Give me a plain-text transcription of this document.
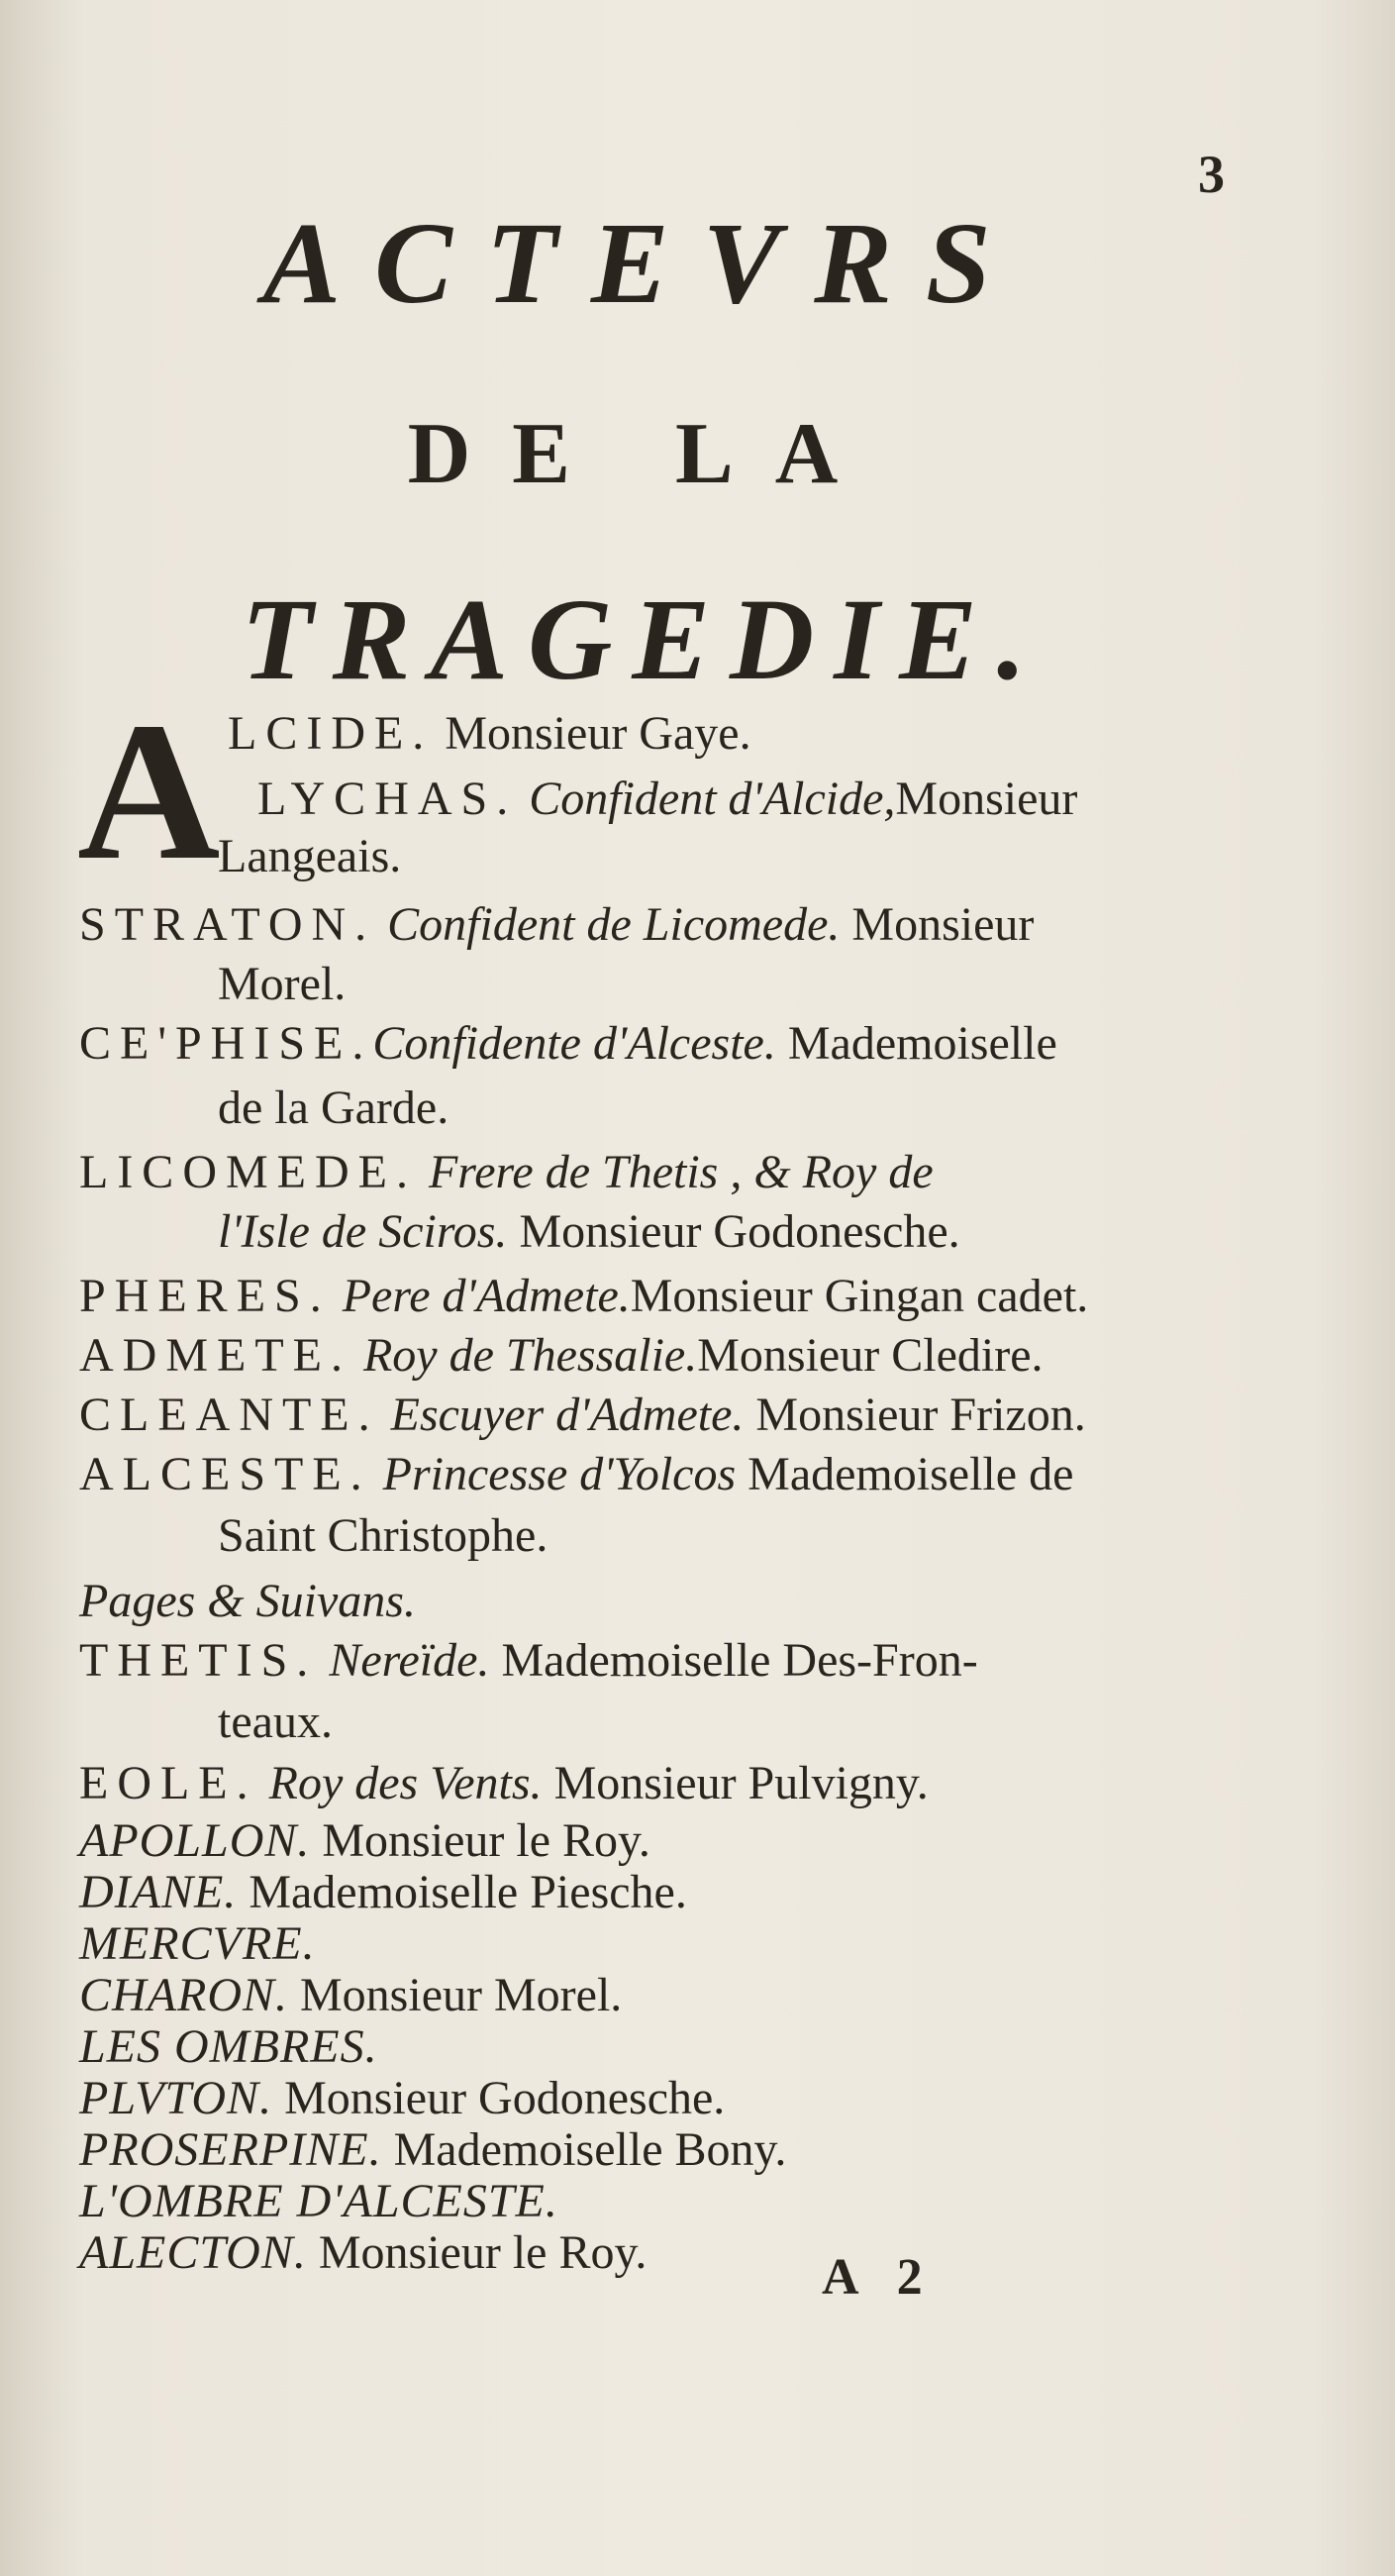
3
ACTEVRS
DE LA
TRAGEDIE.
A LCIDE. Monsieur Gaye.
LYCHAS. Confident d'Alcide,Monsieur
Langeais.
STRATON. Confident de Licomede. Monsieur
Morel.
CE'PHISE.Confidente d'Alceste. Mademoiselle
de la Garde.
LICOMEDE. Frere de Thetis , & Roy de
l'Isle de Sciros. Monsieur Godonesche.
PHERES. Pere d'Admete.Monsieur Gingan cadet.
ADMETE. Roy de Thessalie.Monsieur Cledire.
CLEANTE. Escuyer d'Admete. Monsieur Frizon.
ALCESTE. Princesse d'Yolcos Mademoiselle de
Saint Christophe.
Pages & Suivans.
THETIS. Nereïde. Mademoiselle Des-Fron-
teaux.
EOLE. Roy des Vents. Monsieur Pulvigny.
APOLLON. Monsieur le Roy.
DIANE. Mademoiselle Piesche.
MERCVRE.
CHARON. Monsieur Morel.
LES OMBRES.
PLVTON. Monsieur Godonesche.
PROSERPINE. Mademoiselle Bony.
L'OMBRE D'ALCESTE.
ALECTON. Monsieur le Roy.	A 2
